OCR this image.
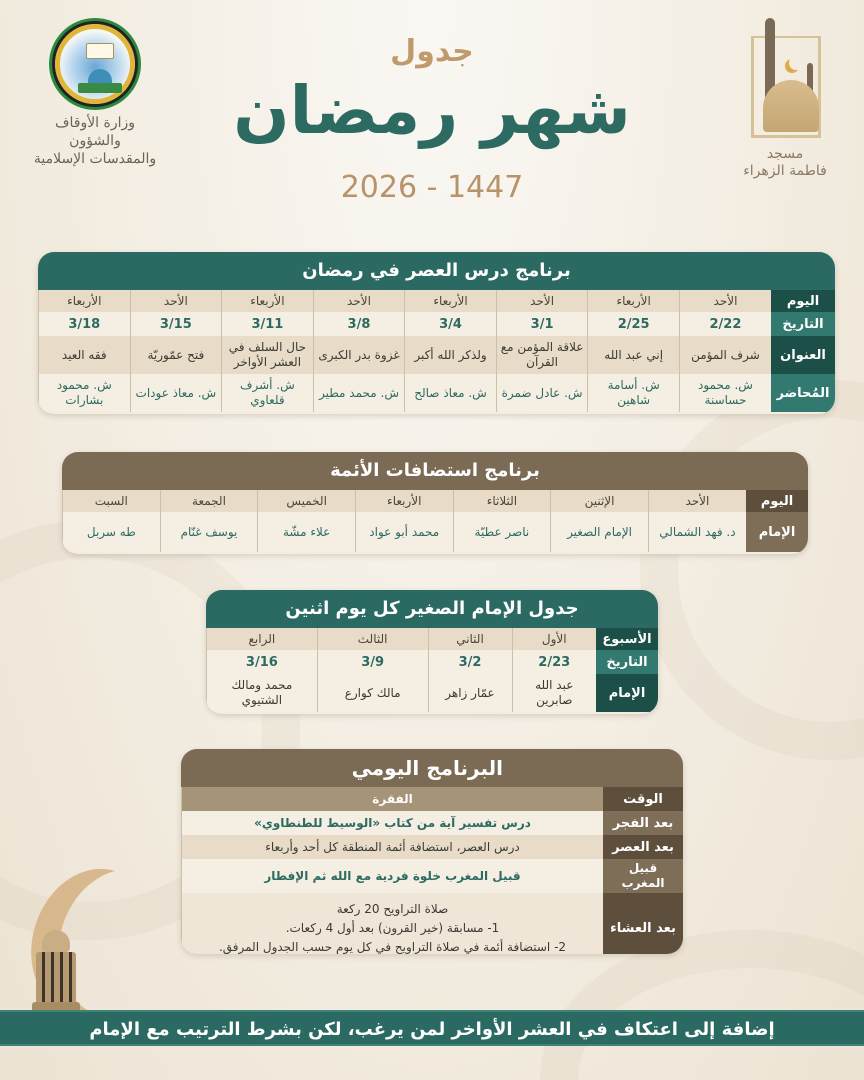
وزارة الأوقاف والشؤون
والمقدسات الإسلامية
جدول
شهر رمضان
2026 - 1447
مسجد
فاطمة الزهراء
برنامج درس العصر في رمضان
اليوم	الأحد	الأربعاء	الأحد	الأربعاء	الأحد	الأربعاء	الأحد	الأربعاء
التاريخ	2/22	2/25	3/1	3/4	3/8	3/11	3/15	3/18
العنوان	شرف المؤمن	إني عبد الله	علاقة المؤمن مع القرآن	ولذكر الله أكبر	غزوة بدر الكبرى	حال السلف في العشر الأواخر	فتح عمّوريّة	فقه العيد
المُحاضر	ش. محمود حساسنة	ش. أسامة شاهين	ش. عادل ضمرة	ش. معاذ صالح	ش. محمد مطير	ش. أشرف قلعاوي	ش. معاذ عودات	ش. محمود بشارات
برنامج استضافات الأئمة
اليوم	الأحد	الإثنين	الثلاثاء	الأربعاء	الخميس	الجمعة	السبت
الإمام	د. فهد الشمالي	الإمام الصغير	ناصر عطيّة	محمد أبو عواد	علاء مشّة	يوسف غنّام	طه سربل
جدول الإمام الصغير كل يوم اثنين
الأسبوع	الأول	الثاني	الثالث	الرابع
التاريخ	2/23	3/2	3/9	3/16
الإمام	عبد الله صابرين	عمّار زاهر	مالك كوارع	محمد ومالك الشتيوي
البرنامج اليومي
الوقت	الفقرة
بعد الفجر	درس تفسير آية من كتاب «الوسيط للطنطاوي»
بعد العصر	درس العصر، استضافة أئمة المنطقة كل أحد وأربعاء
قبيل المغرب	قبيل المغرب خلوة فردية مع الله ثم الإفطار
بعد العشاء	صلاة التراويح 20 ركعة
1- مسابقة (خير القرون) بعد أول 4 ركعات.
2- استضافة أئمة في صلاة التراويح في كل يوم حسب الجدول المرفق.
إضافة إلى اعتكاف في العشر الأواخر لمن يرغب، لكن بشرط الترتيب مع الإمام
